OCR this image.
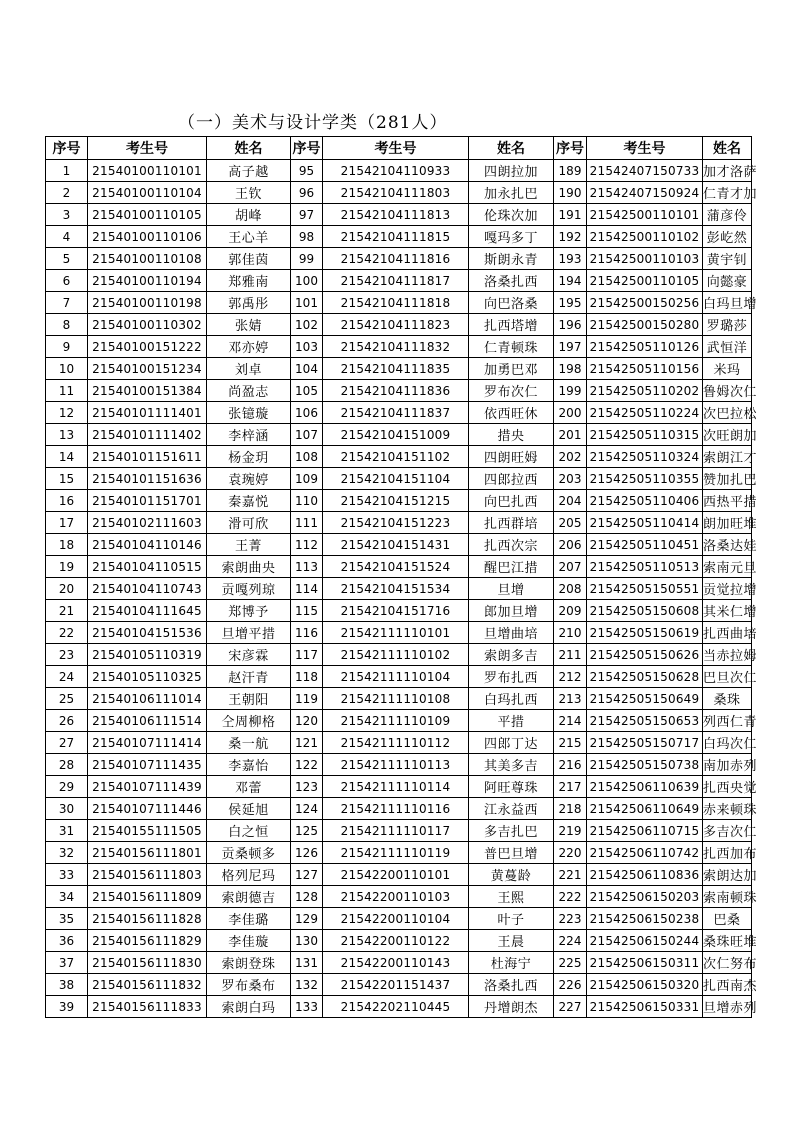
（一）美术与设计学类（281人）
序号	考生号	姓名	序号	考生号	姓名	序号	考生号	姓名
1	21540100110101	高子越	95	21542104110933	四朗拉加	189	21542407150733	加才洛萨
2	21540100110104	王钦	96	21542104111803	加永扎巴	190	21542407150924	仁青才加
3	21540100110105	胡峰	97	21542104111813	伦珠次加	191	21542500110101	蒲彦伶
4	21540100110106	王心羊	98	21542104111815	嘎玛多丁	192	21542500110102	彭屹然
5	21540100110108	郭佳茵	99	21542104111816	斯朗永青	193	21542500110103	黄宇钊
6	21540100110194	郑雅南	100	21542104111817	洛桑扎西	194	21542500110105	向懿豪
7	21540100110198	郭禹彤	101	21542104111818	向巴洛桑	195	21542500150256	白玛旦增
8	21540100110302	张婧	102	21542104111823	扎西塔增	196	21542500150280	罗璐莎
9	21540100151222	邓亦婷	103	21542104111832	仁青顿珠	197	21542505110126	武恒洋
10	21540100151234	刘卓	104	21542104111835	加勇巴邓	198	21542505110156	米玛
11	21540100151384	尚盈志	105	21542104111836	罗布次仁	199	21542505110202	鲁姆次仁
12	21540101111401	张镱璇	106	21542104111837	依西旺休	200	21542505110224	次巴拉松
13	21540101111402	李梓涵	107	21542104151009	措央	201	21542505110315	次旺朗加
14	21540101151611	杨金玥	108	21542104151102	四朗旺姆	202	21542505110324	索朗江才
15	21540101151636	袁琬婷	109	21542104151104	四郎拉西	203	21542505110355	赞加扎巴
16	21540101151701	秦嘉悦	110	21542104151215	向巴扎西	204	21542505110406	西热平措
17	21540102111603	滑可欣	111	21542104151223	扎西群培	205	21542505110414	朗加旺堆
18	21540104110146	王菁	112	21542104151431	扎西次宗	206	21542505110451	洛桑达娃
19	21540104110515	索朗曲央	113	21542104151524	醒巴江措	207	21542505110513	索南元旦
20	21540104110743	贡嘎列琼	114	21542104151534	旦增	208	21542505150551	贡觉拉增
21	21540104111645	郑博予	115	21542104151716	郎加旦增	209	21542505150608	其米仁增
22	21540104151536	旦增平措	116	21542111110101	旦增曲培	210	21542505150619	扎西曲培
23	21540105110319	宋彦霖	117	21542111110102	索朗多吉	211	21542505150626	当赤拉姆
24	21540105110325	赵汗青	118	21542111110104	罗布扎西	212	21542505150628	巴旦次仁
25	21540106111014	王朝阳	119	21542111110108	白玛扎西	213	21542505150649	桑珠
26	21540106111514	仝周柳格	120	21542111110109	平措	214	21542505150653	列西仁青
27	21540107111414	桑一航	121	21542111110112	四郎丁达	215	21542505150717	白玛次仁
28	21540107111435	李嘉怡	122	21542111110113	其美多吉	216	21542505150738	南加赤列
29	21540107111439	邓蕾	123	21542111110114	阿旺尊珠	217	21542506110639	扎西央觉
30	21540107111446	侯延旭	124	21542111110116	江永益西	218	21542506110649	赤来顿珠
31	21540155111505	白之恒	125	21542111110117	多吉扎巴	219	21542506110715	多吉次仁
32	21540156111801	贡桑顿多	126	21542111110119	普巴旦增	220	21542506110742	扎西加布
33	21540156111803	格列尼玛	127	21542200110101	黄蔓龄	221	21542506110836	索朗达加
34	21540156111809	索朗德吉	128	21542200110103	王熙	222	21542506150203	索南顿珠
35	21540156111828	李佳璐	129	21542200110104	叶子	223	21542506150238	巴桑
36	21540156111829	李佳璇	130	21542200110122	王晨	224	21542506150244	桑珠旺堆
37	21540156111830	索朗登珠	131	21542200110143	杜海宁	225	21542506150311	次仁努布
38	21540156111832	罗布桑布	132	21542201151437	洛桑扎西	226	21542506150320	扎西南杰
39	21540156111833	索朗白玛	133	21542202110445	丹增朗杰	227	21542506150331	旦增赤列
